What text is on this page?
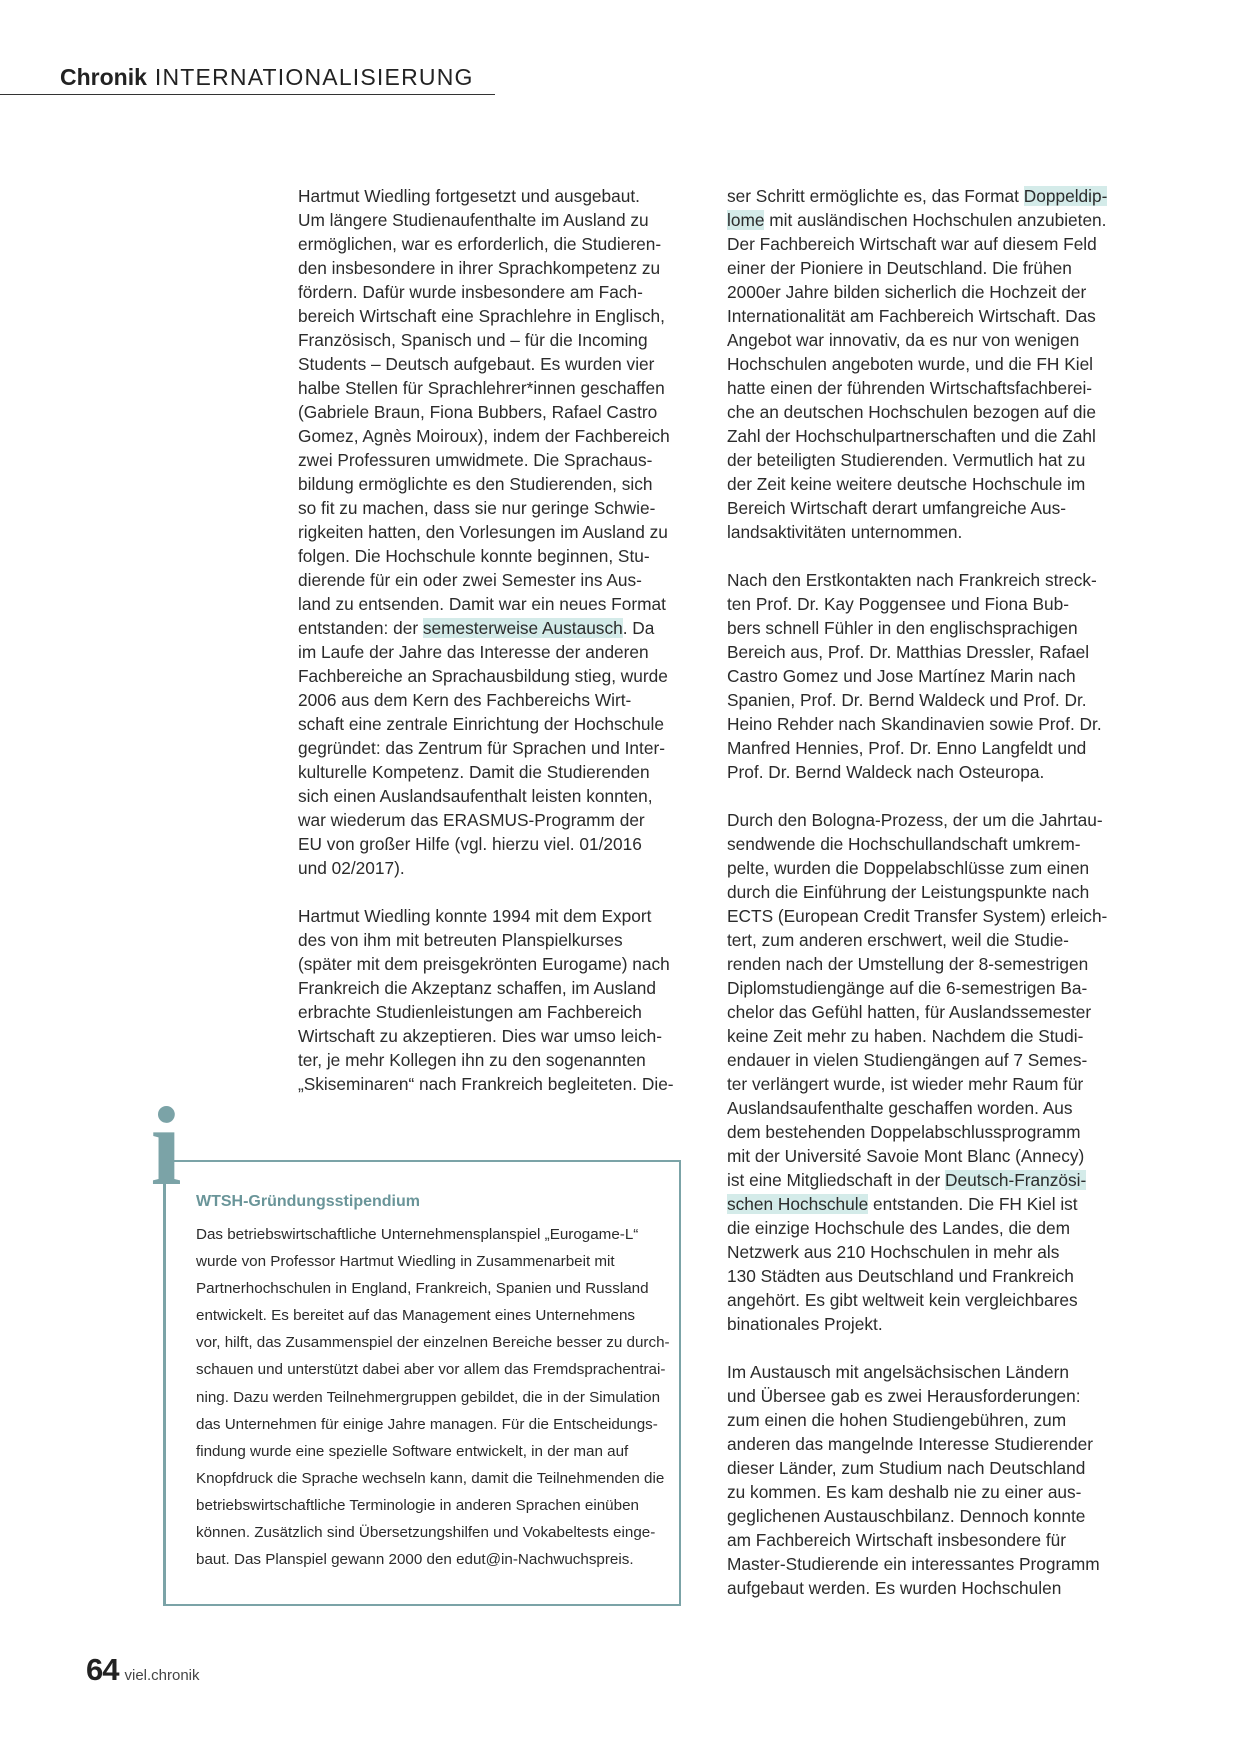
Chronik INTERNATIONALISIERUNG
Hartmut Wiedling fortgesetzt und ausgebaut.
Um längere Studienaufenthalte im Ausland zu
ermöglichen, war es erforderlich, die Studieren-
den insbesondere in ihrer Sprachkompetenz zu
fördern. Dafür wurde insbesondere am Fach-
bereich Wirtschaft eine Sprachlehre in Englisch,
Französisch, Spanisch und – für die Incoming
Students – Deutsch aufgebaut. Es wurden vier
halbe Stellen für Sprachlehrer*innen geschaffen
(Gabriele Braun, Fiona Bubbers, Rafael Castro
Gomez, Agnès Moiroux), indem der Fachbereich
zwei Professuren umwidmete. Die Sprachaus-
bildung ermöglichte es den Studierenden, sich
so fit zu machen, dass sie nur geringe Schwie-
rigkeiten hatten, den Vorlesungen im Ausland zu
folgen. Die Hochschule konnte beginnen, Stu-
dierende für ein oder zwei Semester ins Aus-
land zu entsenden. Damit war ein neues Format
entstanden: der semesterweise Austausch. Da
im Laufe der Jahre das Interesse der anderen
Fachbereiche an Sprachausbildung stieg, wurde
2006 aus dem Kern des Fachbereichs Wirt-
schaft eine zentrale Einrichtung der Hochschule
gegründet: das Zentrum für Sprachen und Inter-
kulturelle Kompetenz. Damit die Studierenden
sich einen Auslandsaufenthalt leisten konnten,
war wiederum das ERASMUS-Programm der
EU von großer Hilfe (vgl. hierzu viel. 01/2016
und 02/2017).
Hartmut Wiedling konnte 1994 mit dem Export
des von ihm mit betreuten Planspielkurses
(später mit dem preisgekrönten Eurogame) nach
Frankreich die Akzeptanz schaffen, im Ausland
erbrachte Studienleistungen am Fachbereich
Wirtschaft zu akzeptieren. Dies war umso leich-
ter, je mehr Kollegen ihn zu den sogenannten
„Skiseminaren“ nach Frankreich begleiteten. Die-
ser Schritt ermöglichte es, das Format Doppeldip-
lome mit ausländischen Hochschulen anzubieten.
Der Fachbereich Wirtschaft war auf diesem Feld
einer der Pioniere in Deutschland. Die frühen
2000er Jahre bilden sicherlich die Hochzeit der
Internationalität am Fachbereich Wirtschaft. Das
Angebot war innovativ, da es nur von wenigen
Hochschulen angeboten wurde, und die FH Kiel
hatte einen der führenden Wirtschaftsfachberei-
che an deutschen Hochschulen bezogen auf die
Zahl der Hochschulpartnerschaften und die Zahl
der beteiligten Studierenden. Vermutlich hat zu
der Zeit keine weitere deutsche Hochschule im
Bereich Wirtschaft derart umfangreiche Aus-
landsaktivitäten unternommen.
Nach den Erstkontakten nach Frankreich streck-
ten Prof. Dr. Kay Poggensee und Fiona Bub-
bers schnell Fühler in den englischsprachigen
Bereich aus, Prof. Dr. Matthias Dressler, Rafael
Castro Gomez und Jose Martínez Marin nach
Spanien, Prof. Dr. Bernd Waldeck und Prof. Dr.
Heino Rehder nach Skandinavien sowie Prof. Dr.
Manfred Hennies, Prof. Dr. Enno Langfeldt und
Prof. Dr. Bernd Waldeck nach Osteuropa.
Durch den Bologna-Prozess, der um die Jahrtau-
sendwende die Hochschullandschaft umkrem-
pelte, wurden die Doppelabschlüsse zum einen
durch die Einführung der Leistungspunkte nach
ECTS (European Credit Transfer System) erleich-
tert, zum anderen erschwert, weil die Studie-
renden nach der Umstellung der 8-semestrigen
Diplomstudiengänge auf die 6-semestrigen Ba-
chelor das Gefühl hatten, für Auslandssemester
keine Zeit mehr zu haben. Nachdem die Studi-
endauer in vielen Studiengängen auf 7 Semes-
ter verlängert wurde, ist wieder mehr Raum für
Auslandsaufenthalte geschaffen worden. Aus
dem bestehenden Doppelabschlussprogramm
mit der Université Savoie Mont Blanc (Annecy)
ist eine Mitgliedschaft in der Deutsch-Französi-
schen Hochschule entstanden. Die FH Kiel ist
die einzige Hochschule des Landes, die dem
Netzwerk aus 210 Hochschulen in mehr als
130 Städten aus Deutschland und Frankreich
angehört. Es gibt weltweit kein vergleichbares
binationales Projekt.
Im Austausch mit angelsächsischen Ländern
und Übersee gab es zwei Herausforderungen:
zum einen die hohen Studiengebühren, zum
anderen das mangelnde Interesse Studierender
dieser Länder, zum Studium nach Deutschland
zu kommen. Es kam deshalb nie zu einer aus-
geglichenen Austauschbilanz. Dennoch konnte
am Fachbereich Wirtschaft insbesondere für
Master-Studierende ein interessantes Programm
aufgebaut werden. Es wurden Hochschulen
i WTSH-Gründungsstipendium
Das betriebswirtschaftliche Unternehmensplanspiel „Eurogame-L“
wurde von Professor Hartmut Wiedling in Zusammenarbeit mit
Partnerhochschulen in England, Frankreich, Spanien und Russland
entwickelt. Es bereitet auf das Management eines Unternehmens
vor, hilft, das Zusammenspiel der einzelnen Bereiche besser zu durch-
schauen und unterstützt dabei aber vor allem das Fremdsprachentrai-
ning. Dazu werden Teilnehmergruppen gebildet, die in der Simulation
das Unternehmen für einige Jahre managen. Für die Entscheidungs-
findung wurde eine spezielle Software entwickelt, in der man auf
Knopfdruck die Sprache wechseln kann, damit die Teilnehmenden die
betriebswirtschaftliche Terminologie in anderen Sprachen einüben
können. Zusätzlich sind Übersetzungshilfen und Vokabeltests einge-
baut. Das Planspiel gewann 2000 den edut@in-Nachwuchspreis.
64 viel.chronik
